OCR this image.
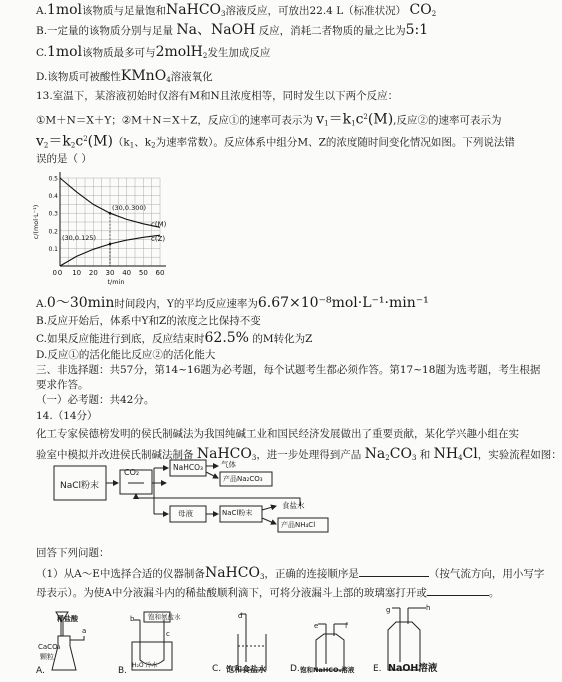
A.1mol该物质与足量饱和NaHCO$_3$溶液反应，可放出22.4 L（标准状况） $CO_2$
B.一定量的该物质分别与足量 Na、NaOH 反应，消耗二者物质的量之比为5:1
C.1mol该物质最多可与2molH$_2$发生加成反应
D.该物质可被酸性KMnO$_4$溶液氧化
13.室温下，某溶液初始时仅溶有M和N且浓度相等，同时发生以下两个反应：
①M＋N＝X＋Y；②M＋N＝X＋Z，反应①的速率可表示为 $v_1=k_1c^2(M)$,反应②的速率可表示为
$v_2=k_2c^2(M)(k_1$、$k_2$为速率常数）。反应体系中组分M、Z的浓度随时间变化情况如图。下列说法错
误的是（ ）
0 10 20 30 40 50 60
0.1
0.2
0.3
0.4
0.5
0
t/min
c/(mol·L⁻¹)	c(M)
c(Z)
(30,0.300)
(30,0.125)
A.0～30min时间段内，Y的平均反应速率为6.67×10⁻⁸mol·L⁻¹·min⁻¹
B.反应开始后，体系中Y和Z的浓度之比保持不变
C.如果反应能进行到底，反应结束时62.5% 的M转化为Z
D.反应①的活化能比反应②的活化能大
三、非选择题：共57分，第14~16题为必考题，每个试题考生都必须作答。第17~18题为选考题，考生根据
要求作答。
（一）必考题：共42分。
14.（14分）
化工专家侯德榜发明的侯氏制碱法为我国纯碱工业和国民经济发展做出了重要贡献，某化学兴趣小组在实
验室中模拟并改进侯氏制碱法制备 NaHCO$_3$，进一步处理得到产品 $Na_2CO_3$ 和 $NH_4Cl$，实验流程如图：
NaCl粉末
CO₂
NaHCO₃ 气体
产品Na₂CO₃
母液	NaCl粉末
食盐水
产品NH₄Cl
回答下列问题：
（1）从A～E中选择合适的仪器制备NaHCO$_3$，正确的连接顺序是	（按气流方向，用小写字
母表示）。为使A中分液漏斗内的稀盐酸顺利滴下，可将分液漏斗上部的玻璃塞打开或	。
稀盐酸
CaCO₃
颗粒
A.
饱和氨盐水
H₂O 冷水
B.	C. 饱和食盐水	D. 饱和NaHCO₃溶液 E. NaOH溶液
a
b
c
d
e	f
g	h
